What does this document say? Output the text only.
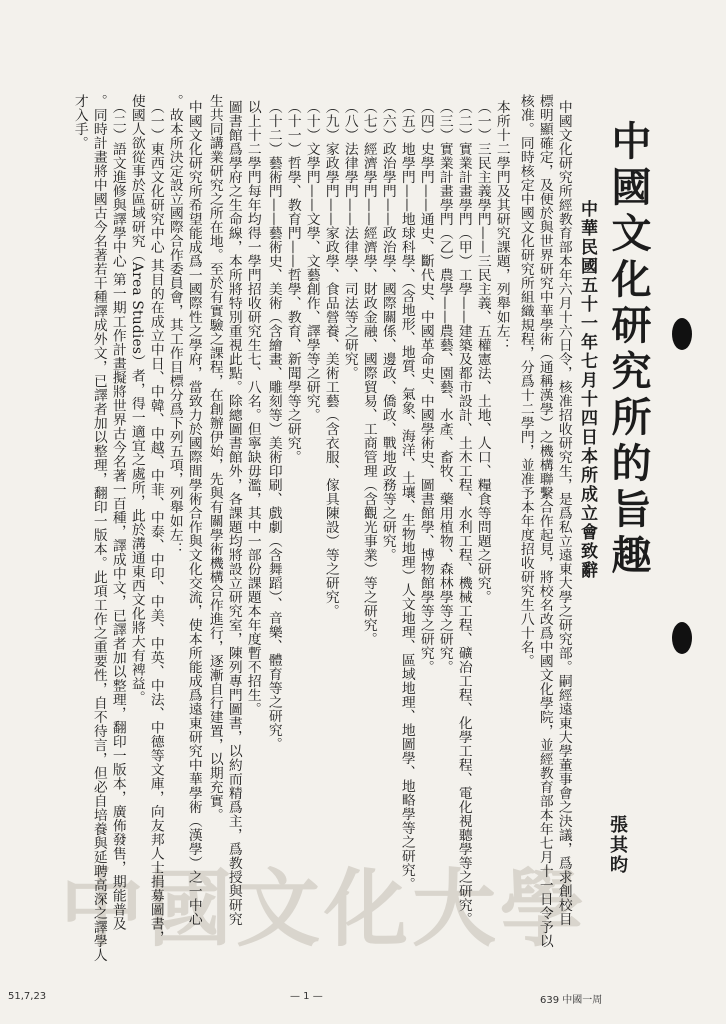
中國文化大學
中國文化研究所的旨趣
中華民國五十一年七月十四日本所成立會致辭
張其昀
中國文化研究所經教育部本年六月十六日令，核准招收研究生，是爲私立遠東大學之研究部。嗣經遠東大學董事會之決議，爲求創校目
標明顯確定，及便於與世界研究中華學術（通稱漢學）之機構聯繫合作起見，將校名改爲中國文化學院，並經教育部本年七月十一日令予以
核准。同時核定中國文化研究所組織規程，分爲十二學門，並准予本年度招收研究生八十名。
本所十二學門及其研究課題，列舉如左：
（一）三民主義學門——三民主義、五權憲法、土地、人口、糧食等問題之研究。
（二）實業計畫學門（甲）工學——建築及都市設計、土木工程、水利工程、機械工程、礦冶工程、化學工程、電化視聽學等之研究。
（三）實業計畫學門（乙）農學——農藝、園藝、水產、畜牧、藥用植物、森林學等之研究。
（四）史學門——通史、斷代史、中國革命史、中國學術史、圖書館學、博物館學等之研究。
（五）地學門——地球科學、（含地形、地質、氣象、海洋、土壤、生物地理）人文地理、區域地理、地圖學、地略學等之研究。
（六）政治學門——政治學、國際關係、邊政、僑政、戰地政務等之研究。
（七）經濟學門——經濟學、財政金融、國際貿易、工商管理（含觀光事業）等之研究。
（八）法律學門——法律學、司法等之研究。
（九）家政學門——家政學、食品營養、美術工藝（含衣服、傢具陳設）等之研究。
（十）文學門——文學、文藝創作、譯學等之研究。
（十一）哲學、教育門——哲學、教育、新聞學等之研究。
（十二）藝術門——藝術史、美術（含繪畫、雕刻等）美術印刷、戲劇（含舞蹈）、音樂、體育等之研究。
以上十二學門每年均得一學門招收研究生七、八名。但寧缺毋濫，其中一部份課題本年度暫不招生。
圖書館爲學府之生命線，本所將特別重視此點。除總圖書館外，各課題均將設立研究室，陳列專門圖書，以約而精爲主，爲教授與研究
生共同講業研究之所在地。至於有實驗之課程，在創辦伊始，先與有關學術機構合作進行，逐漸自行建置，以期充實。
中國文化研究所希望能成爲一國際性之學府，當致力於國際間學術合作與文化交流，使本所能成爲遠東研究中華學術（漢學）之一中心
。故本所決定設立國際合作委員會，其工作目標分爲下列五項，列舉如左：
（一）東西文化研究中心 其目的在成立中日、中韓、中越、中菲、中泰、中印、中美、中英、中法、中德等文庫，向友邦人士捐募圖書，
使國人欲從事於區域研究（Area Studies）者，得一適宜之處所，此於溝通東西文化將大有裨益。
（二）語文進修與譯學中心 第一期工作計畫擬將世界古今名著一百種，譯成中文，已譯者加以整理，翻印一版本，廣佈發售，期能普及
。同時計畫將中國古今名著若干種譯成外文，已譯者加以整理，翻印一版本。此項工作之重要性，自不待言，但必自培養與延聘高深之譯學人
才入手。
51,7,23	— 1 —	639 中國一周
